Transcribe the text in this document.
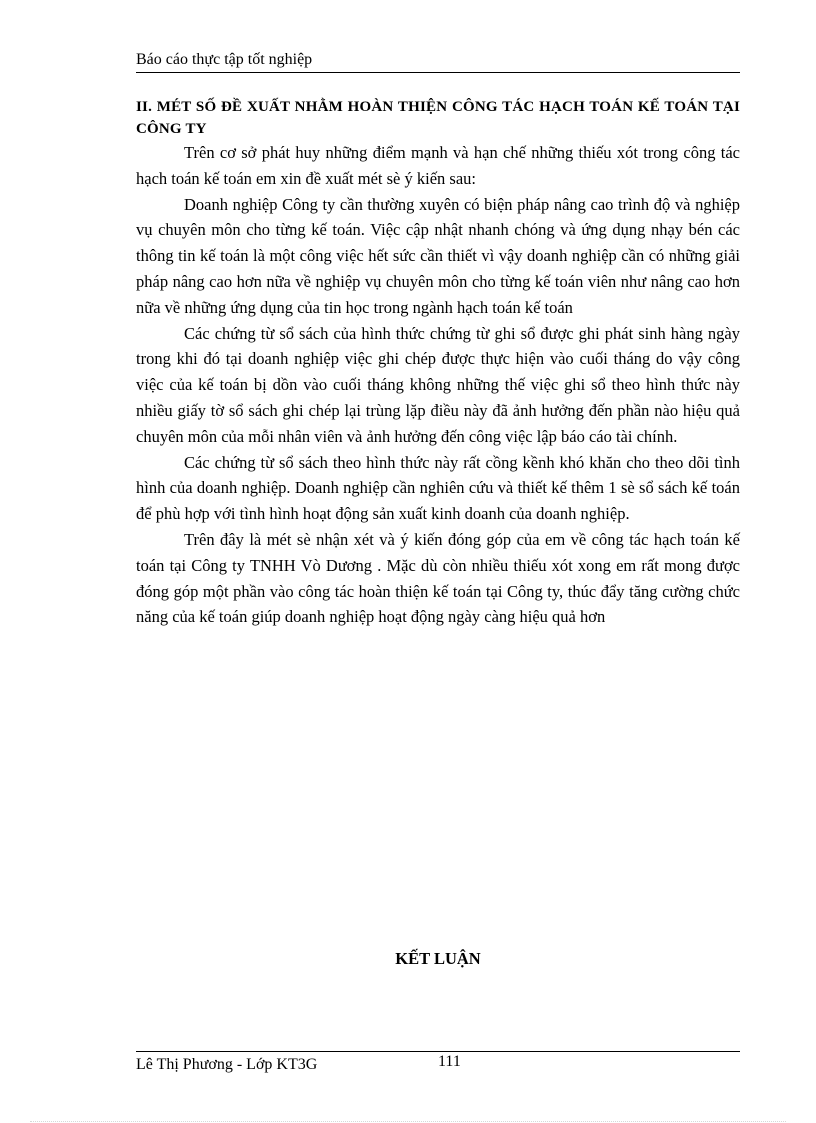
Báo cáo thực tập tốt nghiệp

II. MÉT SỐ ĐỀ XUẤT NHẰM HOÀN THIỆN CÔNG TÁC HẠCH TOÁN KẾ TOÁN TẠI CÔNG TY

Trên cơ sở phát huy những điểm mạnh và hạn chế những thiếu xót trong công tác hạch toán kế toán em xin đề xuất mét sè ý kiến sau:

Doanh nghiệp Công ty cần thường xuyên có biện pháp nâng cao trình độ và nghiệp vụ chuyên môn cho từng kế toán. Việc cập nhật nhanh chóng và ứng dụng nhạy bén các thông tin kế toán là một công việc hết sức cần thiết vì vậy doanh nghiệp cần có những giải pháp nâng cao hơn nữa về nghiệp vụ chuyên môn cho từng kế toán viên như nâng cao hơn nữa về những ứng dụng của tin học trong ngành hạch toán kế toán

Các chứng từ sổ sách của hình thức chứng từ ghi sổ được ghi phát sinh hàng ngày trong khi đó tại doanh nghiệp việc ghi chép được thực hiện vào cuối tháng do vậy công việc của kế toán bị dồn vào cuối tháng không những thế việc ghi sổ theo hình thức này nhiều giấy tờ sổ sách ghi chép lại trùng lặp điều này đã ảnh hưởng đến phần nào hiệu quả chuyên môn của mỗi nhân viên và ảnh hưởng đến công việc lập báo cáo tài chính.

Các chứng từ sổ sách theo hình thức này rất cồng kềnh khó khăn cho theo dõi tình hình của doanh nghiệp. Doanh nghiệp cần nghiên cứu và thiết kế thêm 1 sè sổ sách kế toán để phù hợp với tình hình hoạt động sản xuất kinh doanh của doanh nghiệp.

Trên đây là mét sè nhận xét và ý kiến đóng góp của em về công tác hạch toán kế toán tại Công ty TNHH Vò Dương . Mặc dù còn nhiều thiếu xót xong em rất mong được đóng góp một phần vào công tác hoàn thiện kế toán tại Công ty, thúc đẩy tăng cường chức năng của kế toán giúp doanh nghiệp hoạt động ngày càng hiệu quả hơn

KẾT LUẬN
Lê Thị Phương - Lớp KT3G	111
